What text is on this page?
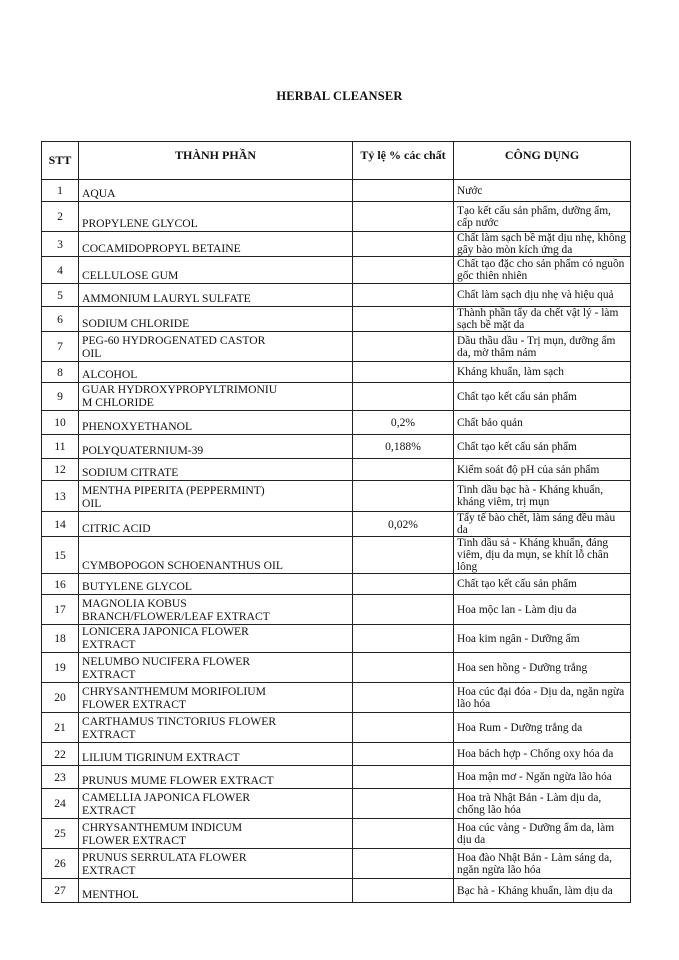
HERBAL CLEANSER
STT	THÀNH PHẦN	Tỷ lệ % các chất	CÔNG DỤNG
1	AQUA		Nước
2	PROPYLENE GLYCOL		Tạo kết cấu sản phẩm, dưỡng ẩm, cấp nước
3	COCAMIDOPROPYL BETAINE		Chất làm sạch bề mặt dịu nhẹ, không gây bào mòn kích ứng da
4	CELLULOSE GUM		Chất tạo đặc cho sản phẩm có nguồn gốc thiên nhiên
5	AMMONIUM LAURYL SULFATE		Chất làm sạch dịu nhẹ và hiệu quả
6	SODIUM CHLORIDE		Thành phần tẩy da chết vật lý - làm sạch bề mặt da
7	PEG-60 HYDROGENATED CASTOR
OIL		Dầu thầu dầu - Trị mụn, dưỡng ẩm da, mờ thâm nám
8	ALCOHOL		Kháng khuẩn, làm sạch
9	GUAR HYDROXYPROPYLTRIMONIU
M CHLORIDE		Chất tạo kết cấu sản phẩm
10	PHENOXYETHANOL	0,2%	Chất bảo quản
11	POLYQUATERNIUM-39	0,188%	Chất tạo kết cấu sản phẩm
12	SODIUM CITRATE		Kiểm soát độ pH của sản phẩm
13	MENTHA PIPERITA (PEPPERMINT)
OIL		Tinh dầu bạc hà - Kháng khuẩn, kháng viêm, trị mụn
14	CITRIC ACID	0,02%	Tẩy tế bào chết, làm sáng đều màu da
15	CYMBOPOGON SCHOENANTHUS OIL		Tinh dầu sả - Kháng khuẩn, đáng viêm, dịu da mụn, se khít lỗ chân lông
16	BUTYLENE GLYCOL		Chất tạo kết cấu sản phẩm
17	MAGNOLIA KOBUS
BRANCH/FLOWER/LEAF EXTRACT		Hoa mộc lan - Làm dịu da
18	LONICERA JAPONICA FLOWER
EXTRACT		Hoa kim ngân - Dưỡng ẩm
19	NELUMBO NUCIFERA FLOWER
EXTRACT		Hoa sen hồng - Dưỡng trắng
20	CHRYSANTHEMUM MORIFOLIUM
FLOWER EXTRACT		Hoa cúc đại đóa - Dịu da, ngăn ngừa lão hóa
21	CARTHAMUS TINCTORIUS FLOWER
EXTRACT		Hoa Rum - Dưỡng trắng da
22	LILIUM TIGRINUM EXTRACT		Hoa bách hợp - Chống oxy hóa da
23	PRUNUS MUME FLOWER EXTRACT		Hoa mận mơ - Ngăn ngừa lão hóa
24	CAMELLIA JAPONICA FLOWER
EXTRACT		Hoa trà Nhật Bản - Làm dịu da, chống lão hóa
25	CHRYSANTHEMUM INDICUM
FLOWER EXTRACT		Hoa cúc vàng - Dưỡng ẩm da, làm dịu da
26	PRUNUS SERRULATA FLOWER
EXTRACT		Hoa đào Nhật Bản - Làm sáng da, ngăn ngừa lão hóa
27	MENTHOL		Bạc hà - Kháng khuẩn, làm dịu da
